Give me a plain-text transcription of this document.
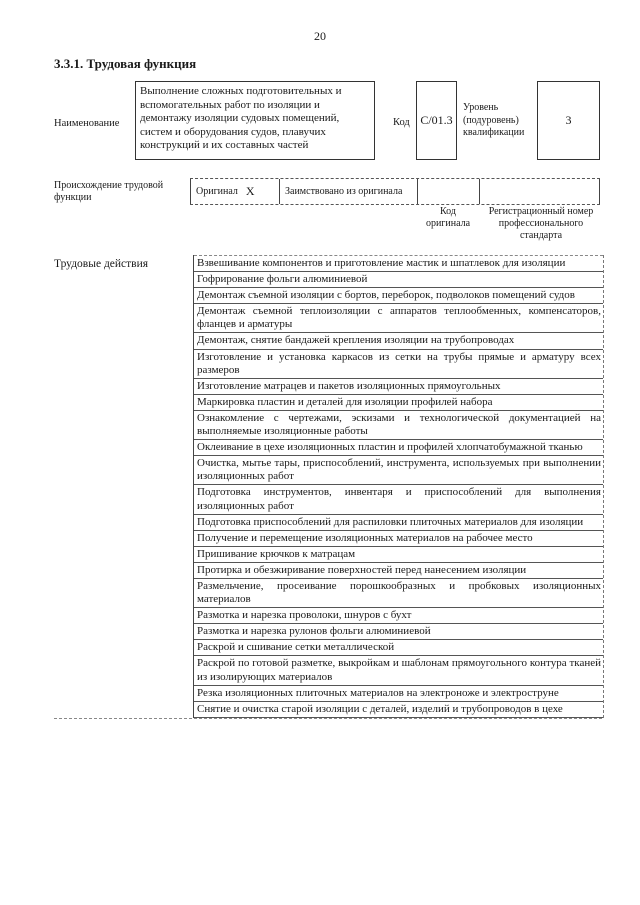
20
3.3.1. Трудовая функция
Наименование
Выполнение сложных подготовительных и вспомогательных работ по изоляции и демонтажу изоляции судовых помещений, систем и оборудования судов, плавучих конструкций и их составных частей
Код С/01.3
Уровень (подуровень) квалификации
3
Происхождение трудовой функции
Оригинал X	Заимствовано из оригинала
Код оригинала
Регистрационный номер профессионального стандарта
Трудовые действия	Взвешивание компонентов и приготовление мастик и шпатлевок для изоляции
Гофрирование фольги алюминиевой
Демонтаж съемной изоляции с бортов, переборок, подволоков помещений судов
Демонтаж съемной теплоизоляции с аппаратов теплообменных, компенсаторов, фланцев и арматуры
Демонтаж, снятие бандажей крепления изоляции на трубопроводах
Изготовление и установка каркасов из сетки на трубы прямые и арматуру всех размеров
Изготовление матрацев и пакетов изоляционных прямоугольных
Маркировка пластин и деталей для изоляции профилей набора
Ознакомление с чертежами, эскизами и технологической документацией на выполняемые изоляционные работы
Оклеивание в цехе изоляционных пластин и профилей хлопчатобумажной тканью
Очистка, мытье тары, приспособлений, инструмента, используемых при выполнении изоляционных работ
Подготовка инструментов, инвентаря и приспособлений для выполнения изоляционных работ
Подготовка приспособлений для распиловки плиточных материалов для изоляции
Получение и перемещение изоляционных материалов на рабочее место
Пришивание крючков к матрацам
Протирка и обезжиривание поверхностей перед нанесением изоляции
Размельчение, просеивание порошкообразных и пробковых изоляционных материалов
Размотка и нарезка проволоки, шнуров с бухт
Размотка и нарезка рулонов фольги алюминиевой
Раскрой и сшивание сетки металлической
Раскрой по готовой разметке, выкройкам и шаблонам прямоугольного контура тканей из изолирующих материалов
Резка изоляционных плиточных материалов на электроноже и электрострунe
Снятие и очистка старой изоляции с деталей, изделий и трубопроводов в цехе
